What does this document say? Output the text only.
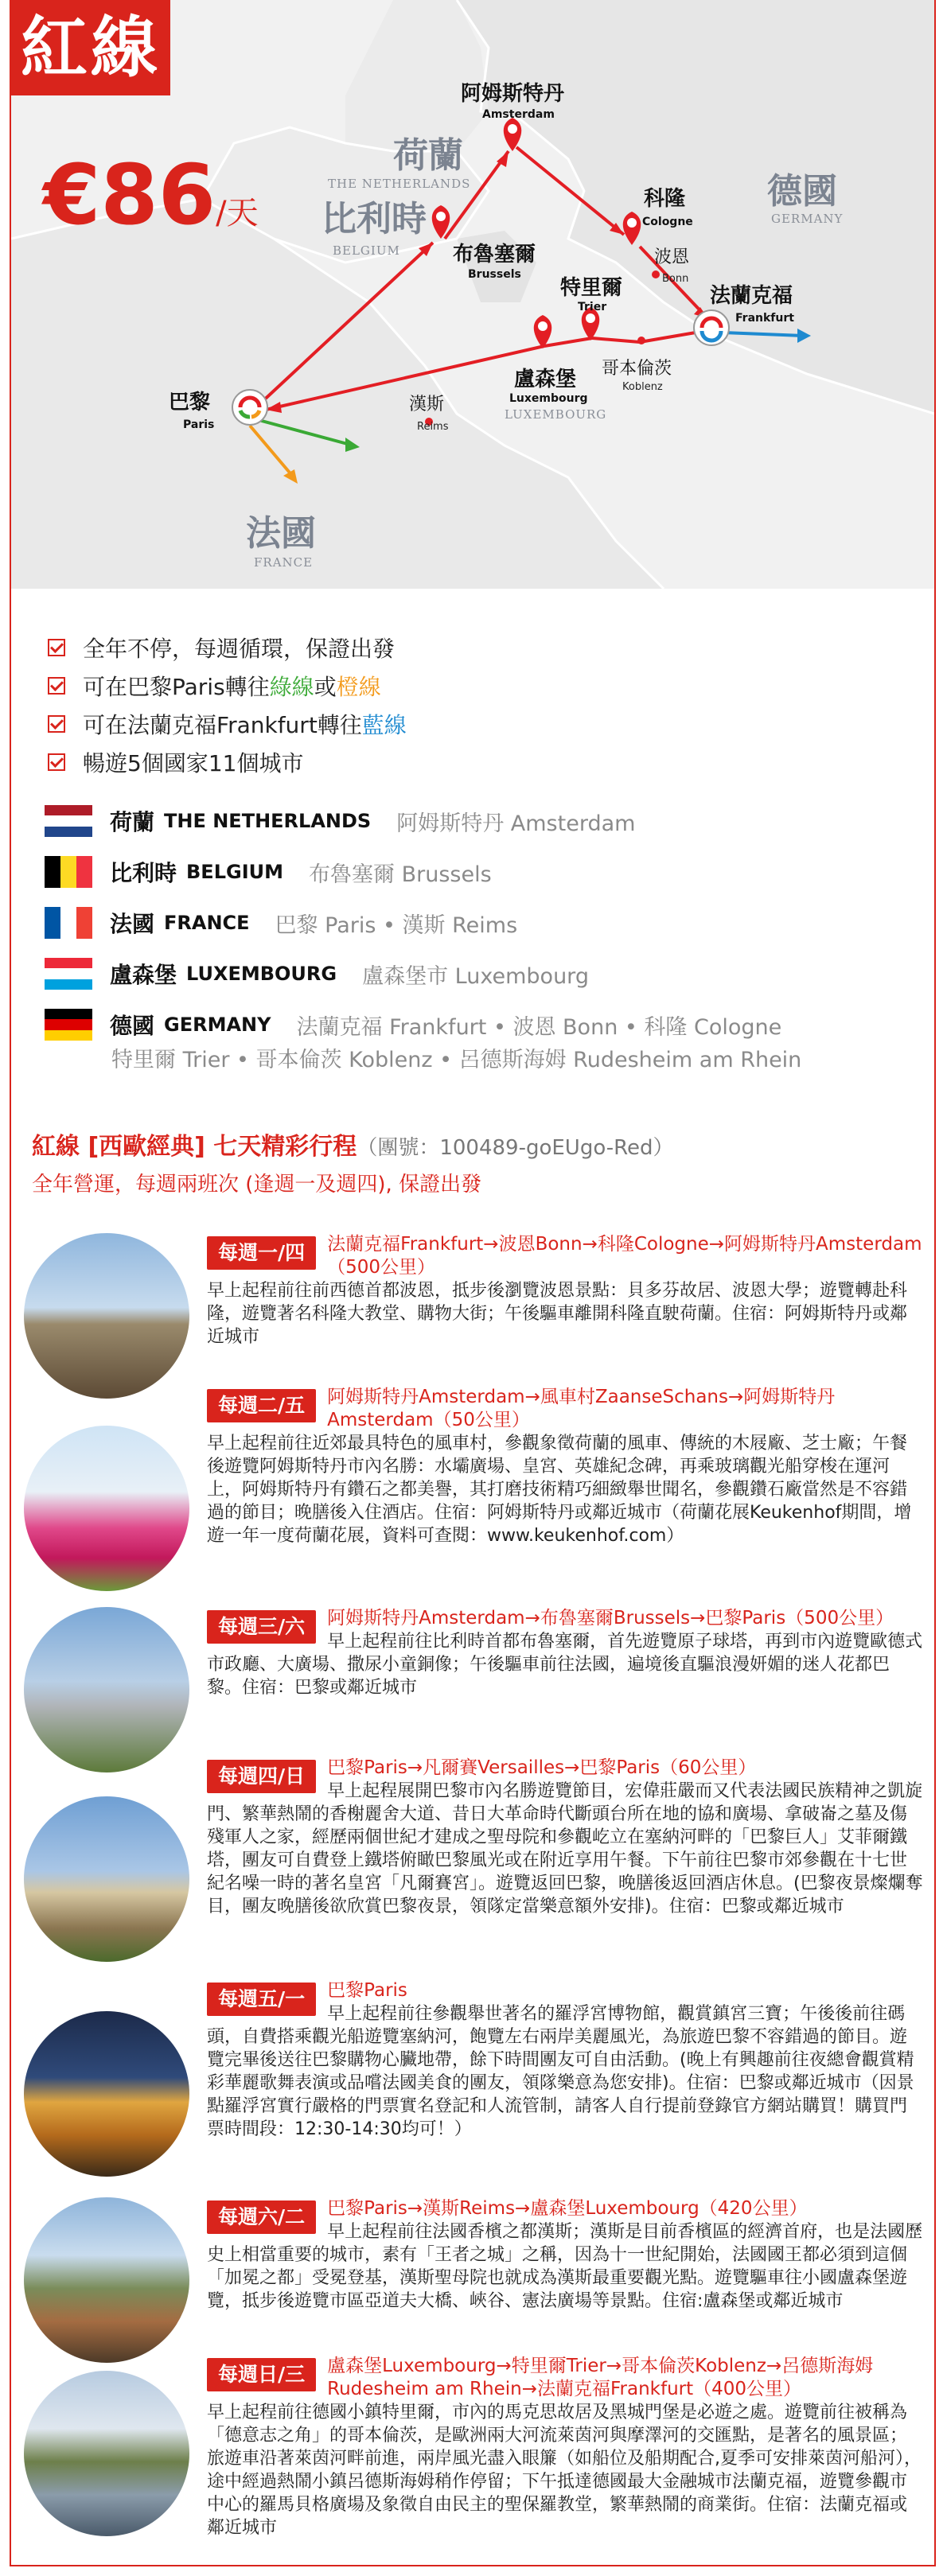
荷蘭
THE NETHERLANDS
比利時
BELGIUM
德國
GERMANY
法國
FRANCE
LUXEMBOURG
阿姆斯特丹
Amsterdam
布魯塞爾
Brussels
科隆
Cologne
波恩
Bonn
法蘭克福
Frankfurt
特里爾
Trier
哥本倫茨
Koblenz
盧森堡
Luxembourg
漢斯
Reims
巴黎
Paris
紅線
€86/天
全年不停，每週循環，保證出發
可在巴黎Paris轉往 綠線 或 橙線
可在法蘭克福Frankfurt轉往 藍線
暢遊5個國家11個城市
荷蘭 THE NETHERLANDS 阿姆斯特丹 Amsterdam
比利時 BELGIUM 布魯塞爾 Brussels
法國 FRANCE 巴黎 Paris • 漢斯 Reims
盧森堡 LUXEMBOURG 盧森堡市 Luxembourg
德國 GERMANY 法蘭克福 Frankfurt • 波恩 Bonn • 科隆 Cologne
特里爾 Trier • 哥本倫茨 Koblenz • 呂德斯海姆 Rudesheim am Rhein
紅線 [西歐經典] 七天精彩行程（團號：100489-goEUgo-Red）
全年營運，每週兩班次 (逢週一及週四), 保證出發
每週一/四	法蘭克福Frankfurt→波恩Bonn→科隆Cologne→阿姆斯特丹Amsterdam（500公里）
早上起程前往前西德首都波恩，抵步後瀏覽波恩景點：貝多芬故居、波恩大學；遊覽轉赴科隆，遊覽著名科隆大教堂、購物大街；午後驅車離開科隆直駛荷蘭。住宿：阿姆斯特丹或鄰近城市
每週二/五	阿姆斯特丹Amsterdam→風車村ZaanseSchans→阿姆斯特丹Amsterdam（50公里）
早上起程前往近郊最具特色的風車村，參觀象徵荷蘭的風車、傳統的木屐廠、芝士廠；午餐後遊覽阿姆斯特丹市內名勝：水壩廣場、皇宮、英雄紀念碑，再乘玻璃觀光船穿梭在運河上，阿姆斯特丹有鑽石之都美譽，其打磨技術精巧細緻舉世聞名，參觀鑽石廠當然是不容錯過的節目；晚膳後入住酒店。住宿：阿姆斯特丹或鄰近城市（荷蘭花展Keukenhof期間，增遊一年一度荷蘭花展，資料可查閱：www.keukenhof.com）
每週三/六	阿姆斯特丹Amsterdam→布魯塞爾Brussels→巴黎Paris（500公里）
早上起程前往比利時首都布魯塞爾，首先遊覽原子球塔，再到市內遊覽歐德式市政廳、大廣場、撒尿小童銅像；午後驅車前往法國，遍境後直驅浪漫妍媚的迷人花都巴黎。住宿：巴黎或鄰近城市
每週四/日	巴黎Paris→凡爾賽Versailles→巴黎Paris（60公里）
早上起程展開巴黎市內名勝遊覽節目，宏偉莊嚴而又代表法國民族精神之凱旋門、繁華熱鬧的香榭麗舍大道、昔日大革命時代斷頭台所在地的協和廣場、拿破崙之墓及傷殘軍人之家，經歷兩個世紀才建成之聖母院和參觀屹立在塞納河畔的「巴黎巨人」艾菲爾鐵塔，團友可自費登上鐵塔俯瞰巴黎風光或在附近享用午餐。下午前往巴黎市郊參觀在十七世紀名噪一時的著名皇宮「凡爾賽宮」。遊覽返回巴黎，晚膳後返回酒店休息。(巴黎夜景燦爛奪目，團友晚膳後欲欣賞巴黎夜景，領隊定當樂意額外安排)。住宿：巴黎或鄰近城市
每週五/一	巴黎Paris
早上起程前往參觀舉世著名的羅浮宮博物館，觀賞鎮宮三寶；午後後前往碼頭，自費搭乘觀光船遊覽塞納河，飽覽左右兩岸美麗風光，為旅遊巴黎不容錯過的節目。遊覽完畢後送往巴黎購物心臟地帶，餘下時間團友可自由活動。(晚上有興趣前往夜總會觀賞精彩華麗歌舞表演或品嚐法國美食的團友，領隊樂意為您安排)。住宿：巴黎或鄰近城市（因景點羅浮宮實行嚴格的門票實名登記和人流管制，請客人自行提前登錄官方網站購買！購買門票時間段：12:30-14:30均可！）
每週六/二	巴黎Paris→漢斯Reims→盧森堡Luxembourg（420公里）
早上起程前往法國香檳之都漢斯；漢斯是目前香檳區的經濟首府，也是法國歷史上相當重要的城市，素有「王者之城」之稱，因為十一世紀開始，法國國王都必須到這個「加冕之都」受冕登基，漢斯聖母院也就成為漢斯最重要觀光點。遊覽驅車往小國盧森堡遊覽，抵步後遊覽市區亞道夫大橋、峽谷、憲法廣場等景點。住宿:盧森堡或鄰近城市
每週日/三	盧森堡Luxembourg→特里爾Trier→哥本倫茨Koblenz→呂德斯海姆Rudesheim am Rhein→法蘭克福Frankfurt（400公里）
早上起程前往德國小鎮特里爾，市內的馬克思故居及黑城門堡是必遊之處。遊覽前往被稱為「德意志之角」的哥本倫茨，是歐洲兩大河流萊茵河與摩澤河的交匯點，是著名的風景區；旅遊車沿著萊茵河畔前進，兩岸風光盡入眼簾（如船位及船期配合,夏季可安排萊茵河船河），途中經過熱鬧小鎮呂德斯海姆稍作停留；下午抵達德國最大金融城市法蘭克福，遊覽參觀市中心的羅馬貝格廣場及象徵自由民主的聖保羅教堂，繁華熱鬧的商業街。住宿：法蘭克福或鄰近城市
